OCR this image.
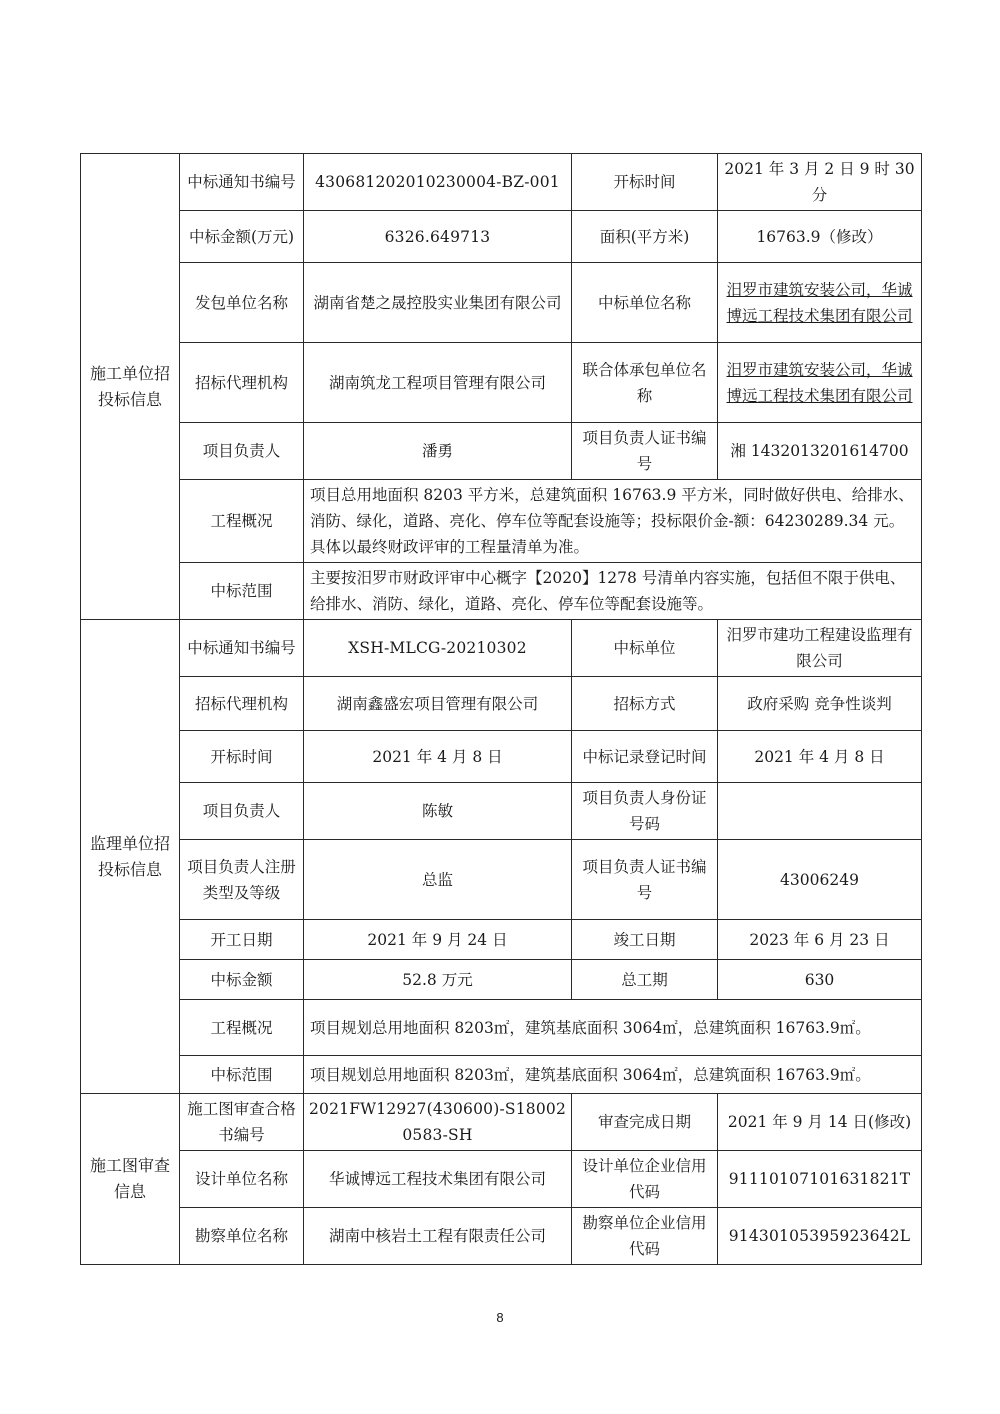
施工单位招投标信息	中标通知书编号	430681202010230004-BZ-001	开标时间	2021 年 3 月 2 日 9 时 30 分
	中标金额(万元)	6326.649713	面积(平方米)	16763.9（修改）
	发包单位名称	湖南省楚之晟控股实业集团有限公司	中标单位名称	汨罗市建筑安装公司，华诚博远工程技术集团有限公司
	招标代理机构	湖南筑龙工程项目管理有限公司	联合体承包单位名称	汨罗市建筑安装公司，华诚博远工程技术集团有限公司
	项目负责人	潘勇	项目负责人证书编号	湘 1432013201614700
	工程概况	项目总用地面积 8203 平方米，总建筑面积 16763.9 平方米，同时做好供电、给排水、消防、绿化，道路、亮化、停车位等配套设施等；投标限价金-额：64230289.34 元。具体以最终财政评审的工程量清单为准。		
	中标范围	主要按汨罗市财政评审中心概字【2020】1278 号清单内容实施，包括但不限于供电、给排水、消防、绿化，道路、亮化、停车位等配套设施等。		
监理单位招投标信息	中标通知书编号	XSH-MLCG-20210302	中标单位	汨罗市建功工程建设监理有限公司
	招标代理机构	湖南鑫盛宏项目管理有限公司	招标方式	政府采购 竞争性谈判
	开标时间	2021 年 4 月 8 日	中标记录登记时间	2021 年 4 月 8 日
	项目负责人	陈敏	项目负责人身份证号码	
	项目负责人注册类型及等级	总监	项目负责人证书编号	43006249
	开工日期	2021 年 9 月 24 日	竣工日期	2023 年 6 月 23 日
	中标金额	52.8 万元	总工期	630
	工程概况	项目规划总用地面积 8203㎡，建筑基底面积 3064㎡，总建筑面积 16763.9㎡。		
	中标范围	项目规划总用地面积 8203㎡，建筑基底面积 3064㎡，总建筑面积 16763.9㎡。		
施工图审查信息	施工图审查合格书编号	2021FW12927(430600)-S180020583-SH	审查完成日期	2021 年 9 月 14 日(修改)
	设计单位名称	华诚博远工程技术集团有限公司	设计单位企业信用代码	91110107101631821T
	勘察单位名称	湖南中核岩土工程有限责任公司	勘察单位企业信用代码	91430105395923642L
8
